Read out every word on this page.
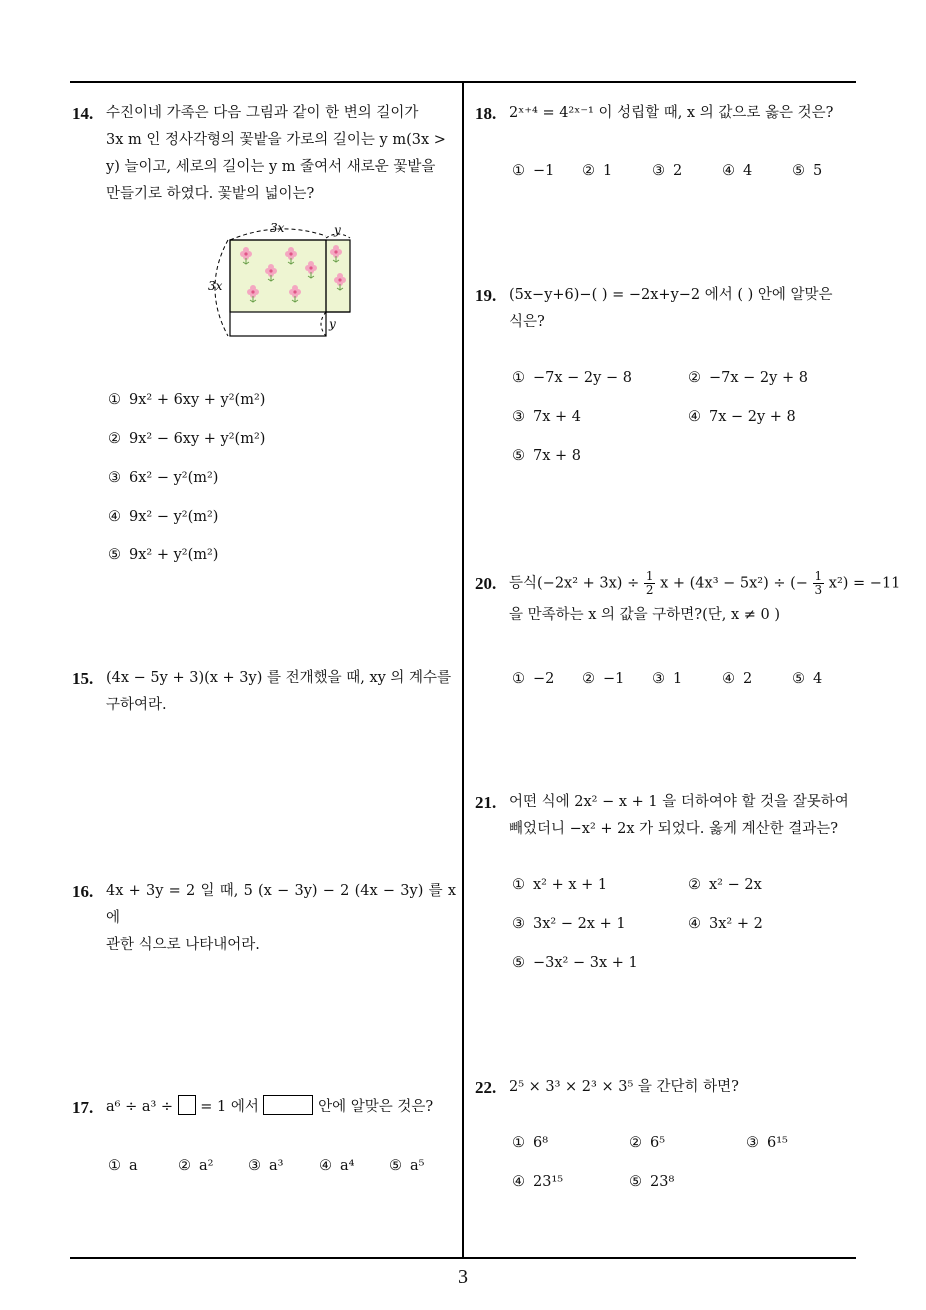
14. 수진이네 가족은 다음 그림과 같이 한 변의 길이가
3x m 인 정사각형의 꽃밭을 가로의 길이는 y m(3x >
y) 늘이고, 세로의 길이는 y m 줄여서 새로운 꽃밭을
만들기로 하였다. 꽃밭의 넓이는?
3x
3x
y
y
① 9x² + 6xy + y²(m²)
② 9x² − 6xy + y²(m²)
③ 6x² − y²(m²)
④ 9x² − y²(m²)
⑤ 9x² + y²(m²)
15. (4x − 5y + 3)(x + 3y) 를 전개했을 때, xy 의 계수를
구하여라.
16. 4x + 3y = 2 일 때, 5 (x − 3y) − 2 (4x − 3y) 를 x 에
관한 식으로 나타내어라.
17. a⁶ ÷ a³ ÷ = 1 에서	안에 알맞은 것은?
① a	② a² ③ a³ ④ a⁴ ⑤ a⁵
18. 2ˣ⁺⁴ = 4²ˣ⁻¹ 이 성립할 때, x 의 값으로 옳은 것은?
① −1 ② 1	③ 2	④ 4	⑤ 5
19. (5x−y+6)−( ) = −2x+y−2 에서 ( ) 안에 알맞은
식은?
① −7x − 2y − 8	② −7x − 2y + 8
③ 7x + 4	④ 7x − 2y + 8
⑤ 7x + 8
20. 등식$(-2x^2 + 3x) \div \frac{1}{2}$ x + (4x³ − 5x²) ÷ (− $\frac{1}{3} x^2) = -11$
을 만족하는 x 의 값을 구하면?(단, x ≠ 0 )
① −2 ② −1 ③ 1	④ 2	⑤ 4
21. 어떤 식에 2x² − x + 1 을 더하여야 할 것을 잘못하여
빼었더니 −x² + 2x 가 되었다. 옳게 계산한 결과는?
① x² + x + 1	② x² − 2x
③ 3x² − 2x + 1	④ 3x² + 2
⑤ −3x² − 3x + 1
22. 2⁵ × 3³ × 2³ × 3⁵ 을 간단히 하면?
① 6⁸	② 6⁵	③ 6¹⁵
④ 23¹⁵	⑤ 23⁸
3
